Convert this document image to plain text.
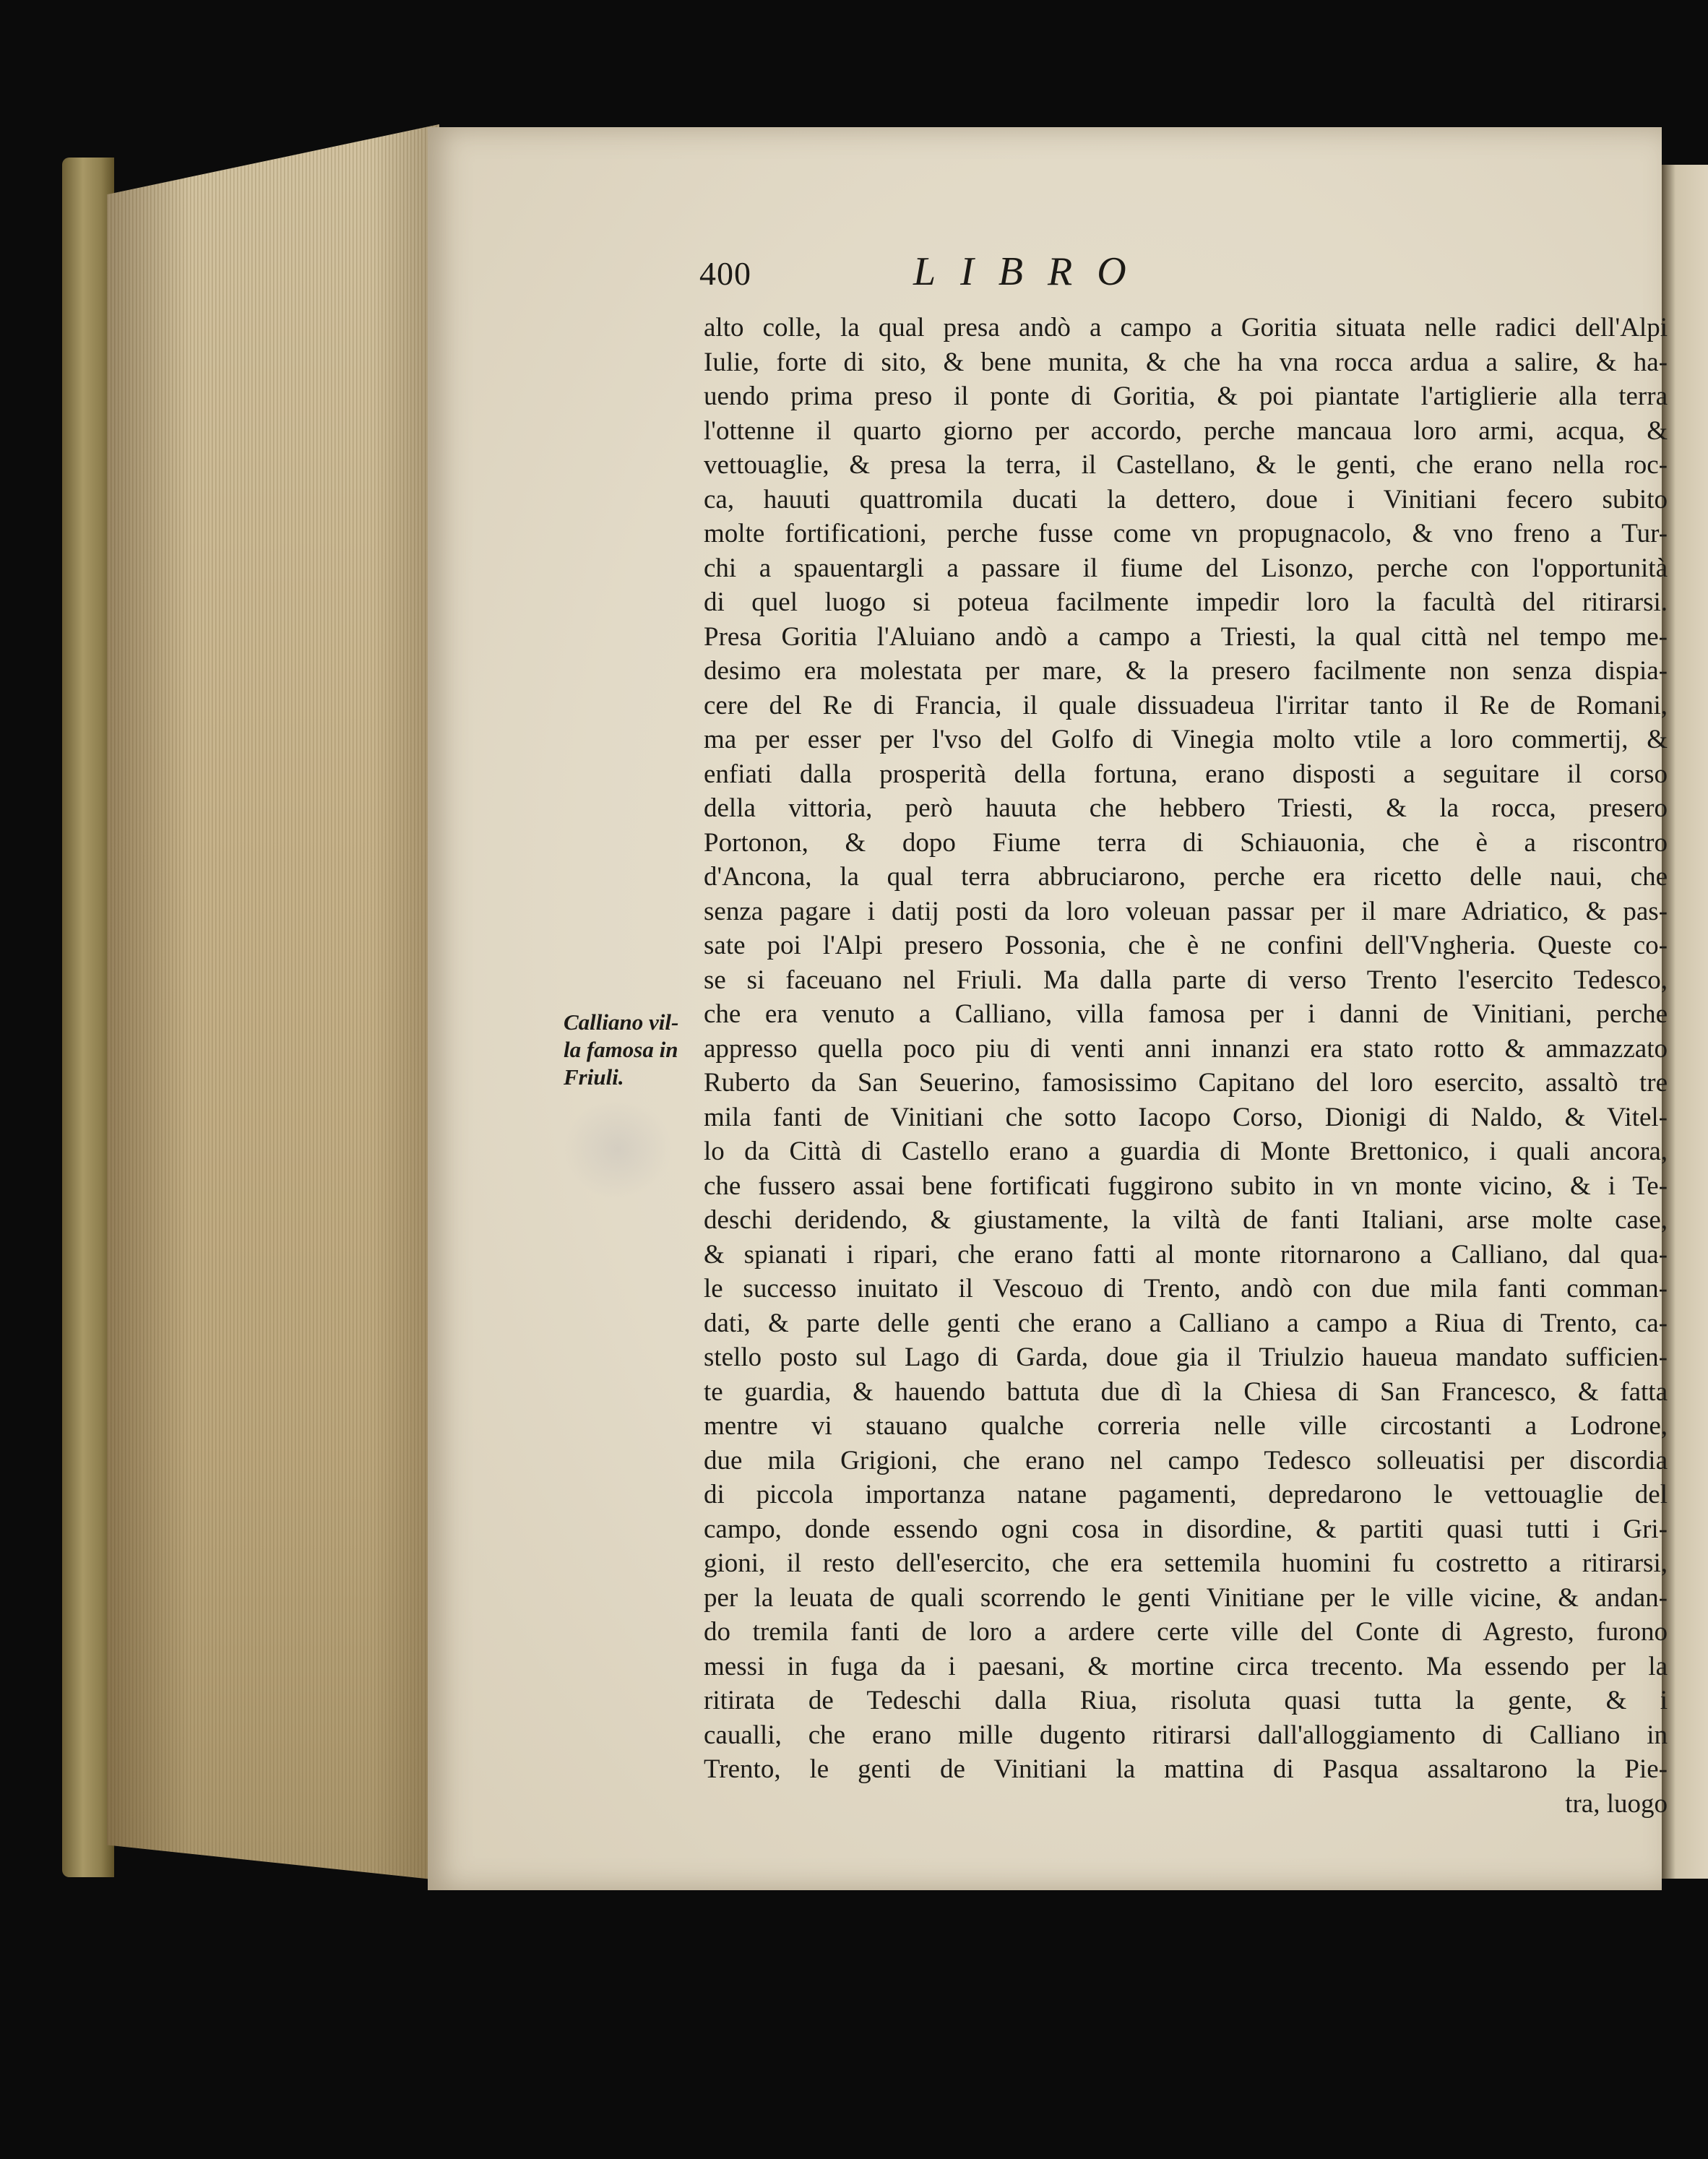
400	LIBRO
Calliano vil-
la famosa in
Friuli.
alto colle, la qual presa andò a campo a Goritia situata nelle radici dell'Alpi
Iulie, forte di sito, & bene munita, & che ha vna rocca ardua a salire, & ha-
uendo prima preso il ponte di Goritia, & poi piantate l'artiglierie alla terra
l'ottenne il quarto giorno per accordo, perche mancaua loro armi, acqua, &
vettouaglie, & presa la terra, il Castellano, & le genti, che erano nella roc-
ca, hauuti quattromila ducati la dettero, doue i Vinitiani fecero subito
molte fortificationi, perche fusse come vn propugnacolo, & vno freno a Tur-
chi a spauentargli a passare il fiume del Lisonzo, perche con l'opportunità
di quel luogo si poteua facilmente impedir loro la facultà del ritirarsi.
Presa Goritia l'Aluiano andò a campo a Triesti, la qual città nel tempo me-
desimo era molestata per mare, & la presero facilmente non senza dispia-
cere del Re di Francia, il quale dissuadeua l'irritar tanto il Re de Romani,
ma per esser per l'vso del Golfo di Vinegia molto vtile a loro commertij, &
enfiati dalla prosperità della fortuna, erano disposti a seguitare il corso
della vittoria, però hauuta che hebbero Triesti, & la rocca, presero
Portonon, & dopo Fiume terra di Schiauonia, che è a riscontro
d'Ancona, la qual terra abbruciarono, perche era ricetto delle naui, che
senza pagare i datij posti da loro voleuan passar per il mare Adriatico, & pas-
sate poi l'Alpi presero Possonia, che è ne confini dell'Vngheria. Queste co-
se si faceuano nel Friuli. Ma dalla parte di verso Trento l'esercito Tedesco,
che era venuto a Calliano, villa famosa per i danni de Vinitiani, perche
appresso quella poco piu di venti anni innanzi era stato rotto & ammazzato
Ruberto da San Seuerino, famosissimo Capitano del loro esercito, assaltò tre
mila fanti de Vinitiani che sotto Iacopo Corso, Dionigi di Naldo, & Vitel-
lo da Città di Castello erano a guardia di Monte Brettonico, i quali ancora,
che fussero assai bene fortificati fuggirono subito in vn monte vicino, & i Te-
deschi deridendo, & giustamente, la viltà de fanti Italiani, arse molte case,
& spianati i ripari, che erano fatti al monte ritornarono a Calliano, dal qua-
le successo inuitato il Vescouo di Trento, andò con due mila fanti comman-
dati, & parte delle genti che erano a Calliano a campo a Riua di Trento, ca-
stello posto sul Lago di Garda, doue gia il Triulzio haueua mandato sufficien-
te guardia, & hauendo battuta due dì la Chiesa di San Francesco, & fatta
mentre vi stauano qualche correria nelle ville circostanti a Lodrone,
due mila Grigioni, che erano nel campo Tedesco solleuatisi per discordia
di piccola importanza natane pagamenti, depredarono le vettouaglie del
campo, donde essendo ogni cosa in disordine, & partiti quasi tutti i Gri-
gioni, il resto dell'esercito, che era settemila huomini fu costretto a ritirarsi,
per la leuata de quali scorrendo le genti Vinitiane per le ville vicine, & andan-
do tremila fanti de loro a ardere certe ville del Conte di Agresto, furono
messi in fuga da i paesani, & mortine circa trecento. Ma essendo per la
ritirata de Tedeschi dalla Riua, risoluta quasi tutta la gente, & i
caualli, che erano mille dugento ritirarsi dall'alloggiamento di Calliano in
Trento, le genti de Vinitiani la mattina di Pasqua assaltarono la Pie-
tra, luogo
